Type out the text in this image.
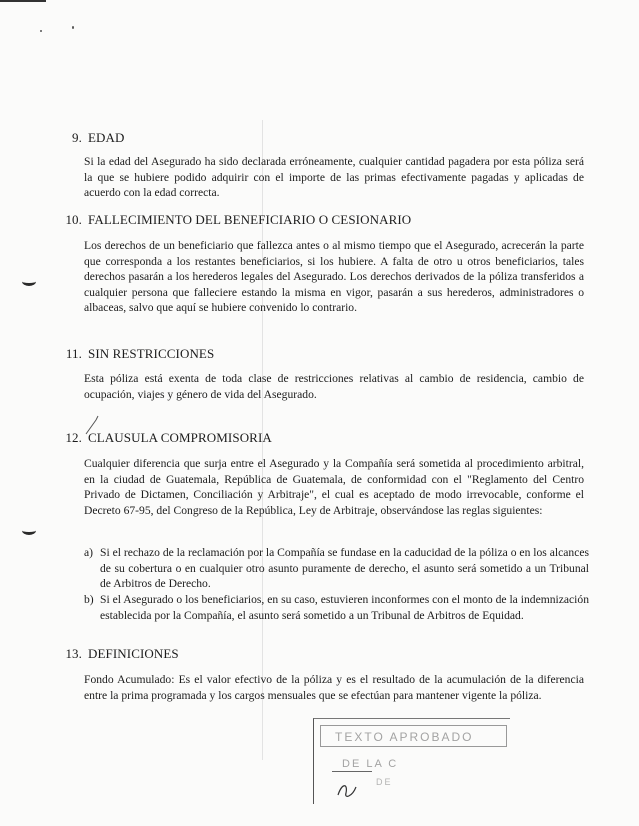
9. EDAD
Si la edad del Asegurado ha sido declarada erróneamente, cualquier cantidad pagadera por esta póliza será la que se hubiere podido adquirir con el importe de las primas efectivamente pagadas y aplicadas de acuerdo con la edad correcta.
10. FALLECIMIENTO DEL BENEFICIARIO O CESIONARIO
Los derechos de un beneficiario que fallezca antes o al mismo tiempo que el Asegurado, acrecerán la parte que corresponda a los restantes beneficiarios, si los hubiere. A falta de otro u otros beneficiarios, tales derechos pasarán a los herederos legales del Asegurado. Los derechos derivados de la póliza transferidos a cualquier persona que falleciere estando la misma en vigor, pasarán a sus herederos, administradores o albaceas, salvo que aquí se hubiere convenido lo contrario.
11. SIN RESTRICCIONES
Esta póliza está exenta de toda clase de restricciones relativas al cambio de residencia, cambio de ocupación, viajes y género de vida del Asegurado.
12. CLAUSULA COMPROMISORIA
Cualquier diferencia que surja entre el Asegurado y la Compañía será sometida al procedimiento arbitral, en la ciudad de Guatemala, República de Guatemala, de conformidad con el "Reglamento del Centro Privado de Dictamen, Conciliación y Arbitraje", el cual es aceptado de modo irrevocable, conforme el Decreto 67-95, del Congreso de la República, Ley de Arbitraje, observándose las reglas siguientes:
a) Si el rechazo de la reclamación por la Compañía se fundase en la caducidad de la póliza o en los alcances de su cobertura o en cualquier otro asunto puramente de derecho, el asunto será sometido a un Tribunal de Arbitros de Derecho.
b) Si el Asegurado o los beneficiarios, en su caso, estuvieren inconformes con el monto de la indemnización establecida por la Compañía, el asunto será sometido a un Tribunal de Arbitros de Equidad.
13. DEFINICIONES
Fondo Acumulado: Es el valor efectivo de la póliza y es el resultado de la acumulación de la diferencia entre la prima programada y los cargos mensuales que se efectúan para mantener vigente la póliza.
TEXTO APROBADO
DE LA C
DE
